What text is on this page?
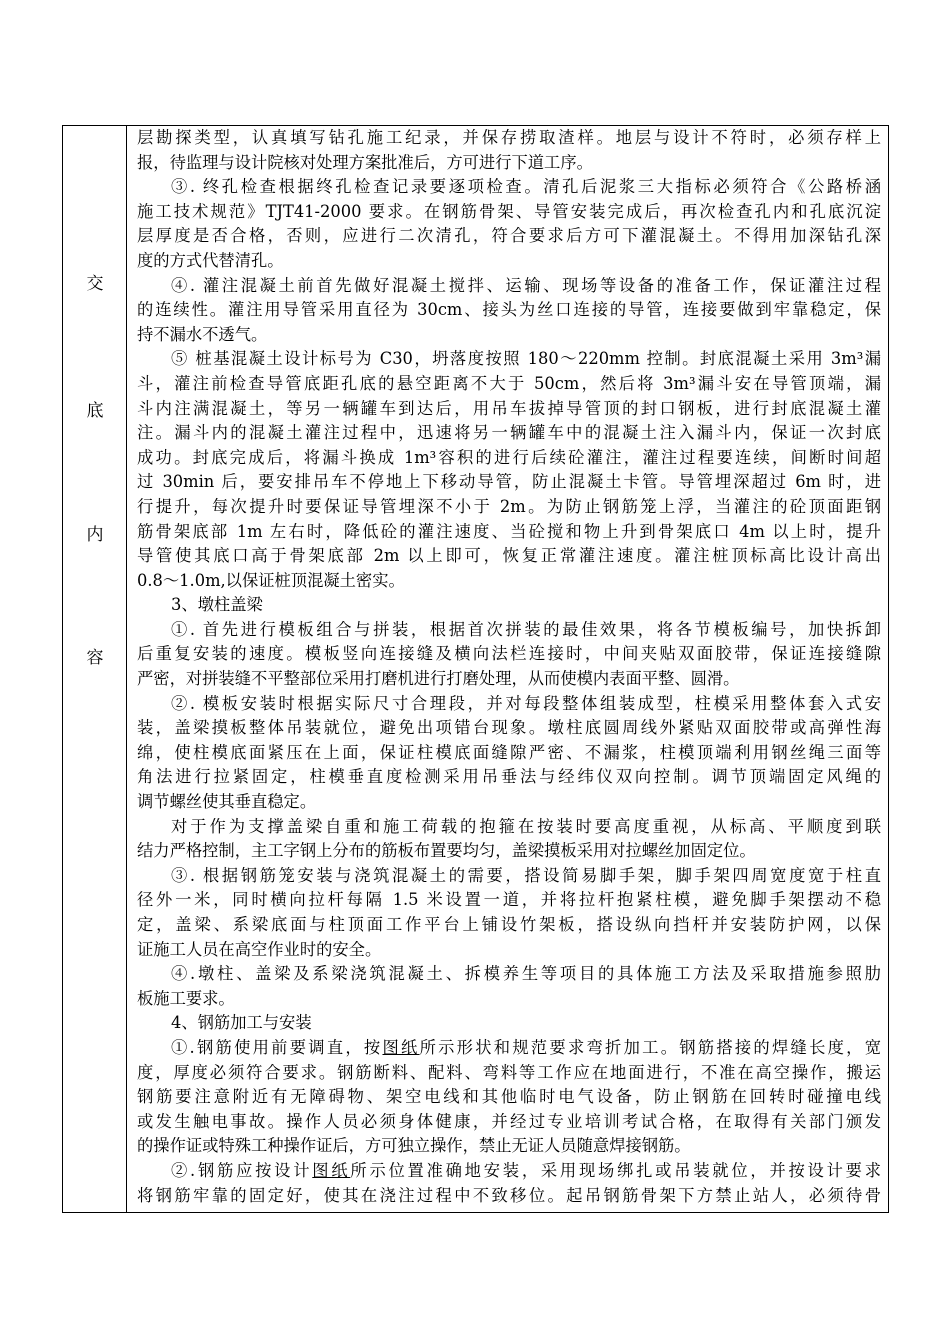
交
底
内
容
层勘探类型，认真填写钻孔施工纪录，并保存捞取渣样。地层与设计不符时，必须存样上
报，待监理与设计院核对处理方案批准后，方可进行下道工序。
③. 终孔检查根据终孔检查记录要逐项检查。清孔后泥浆三大指标必须符合《公路桥涵
施工技术规范》TJT41-2000 要求。在钢筋骨架、导管安装完成后，再次检查孔内和孔底沉淀
层厚度是否合格，否则，应进行二次清孔，符合要求后方可下灌混凝土。不得用加深钻孔深
度的方式代替清孔。
④. 灌注混凝土前首先做好混凝土搅拌、运输、现场等设备的准备工作，保证灌注过程
的连续性。灌注用导管采用直径为 30cm、接头为丝口连接的导管，连接要做到牢靠稳定，保
持不漏水不透气。
⑤ 桩基混凝土设计标号为 C30，坍落度按照 180～220mm 控制。封底混凝土采用 3m³漏
斗，灌注前检查导管底距孔底的悬空距离不大于 50cm，然后将 3m³漏斗安在导管顶端，漏
斗内注满混凝土，等另一辆罐车到达后，用吊车拔掉导管顶的封口钢板，进行封底混凝土灌
注。漏斗内的混凝土灌注过程中，迅速将另一辆罐车中的混凝土注入漏斗内，保证一次封底
成功。封底完成后，将漏斗换成 1m³容积的进行后续砼灌注，灌注过程要连续，间断时间超
过 30min 后，要安排吊车不停地上下移动导管，防止混凝土卡管。导管埋深超过 6m 时，进
行提升，每次提升时要保证导管埋深不小于 2m。为防止钢筋笼上浮，当灌注的砼顶面距钢
筋骨架底部 1m 左右时，降低砼的灌注速度、当砼搅和物上升到骨架底口 4m 以上时，提升
导管使其底口高于骨架底部 2m 以上即可，恢复正常灌注速度。灌注桩顶标高比设计高出
0.8～1.0m,以保证桩顶混凝土密实。
3、墩柱盖梁
①. 首先进行模板组合与拼装，根据首次拼装的最佳效果，将各节模板编号，加快拆卸
后重复安装的速度。模板竖向连接缝及横向法栏连接时，中间夹贴双面胶带，保证连接缝隙
严密，对拼装缝不平整部位采用打磨机进行打磨处理，从而使模内表面平整、圆滑。
②. 模板安装时根据实际尺寸合理段，并对每段整体组装成型，柱模采用整体套入式安
装，盖梁摸板整体吊装就位，避免出项错台现象。墩柱底圆周线外紧贴双面胶带或高弹性海
绵，使柱模底面紧压在上面，保证柱模底面缝隙严密、不漏浆，柱模顶端利用钢丝绳三面等
角法进行拉紧固定，柱模垂直度检测采用吊垂法与经纬仪双向控制。调节顶端固定风绳的
调节螺丝使其垂直稳定。
对于作为支撑盖梁自重和施工荷载的抱箍在按装时要高度重视，从标高、平顺度到联
结力严格控制，主工字钢上分布的筋板布置要均匀，盖梁摸板采用对拉螺丝加固定位。
③. 根据钢筋笼安装与浇筑混凝土的需要，搭设简易脚手架，脚手架四周宽度宽于柱直
径外一米，同时横向拉杆每隔 1.5 米设置一道，并将拉杆抱紧柱模，避免脚手架摆动不稳
定，盖梁、系梁底面与柱顶面工作平台上铺设竹架板，搭设纵向挡杆并安装防护网，以保
证施工人员在高空作业时的安全。
④.墩柱、盖梁及系梁浇筑混凝土、拆模养生等项目的具体施工方法及采取措施参照肋
板施工要求。
4、钢筋加工与安装
①.钢筋使用前要调直，按图纸所示形状和规范要求弯折加工。钢筋搭接的焊缝长度，宽
度，厚度必须符合要求。钢筋断料、配料、弯料等工作应在地面进行，不准在高空操作，搬运
钢筋要注意附近有无障碍物、架空电线和其他临时电气设备，防止钢筋在回转时碰撞电线
或发生触电事故。操作人员必须身体健康，并经过专业培训考试合格，在取得有关部门颁发
的操作证或特殊工种操作证后，方可独立操作，禁止无证人员随意焊接钢筋。
②.钢筋应按设计图纸所示位置准确地安装，采用现场绑扎或吊装就位，并按设计要求
将钢筋牢靠的固定好，使其在浇注过程中不致移位。起吊钢筋骨架下方禁止站人，必须待骨
